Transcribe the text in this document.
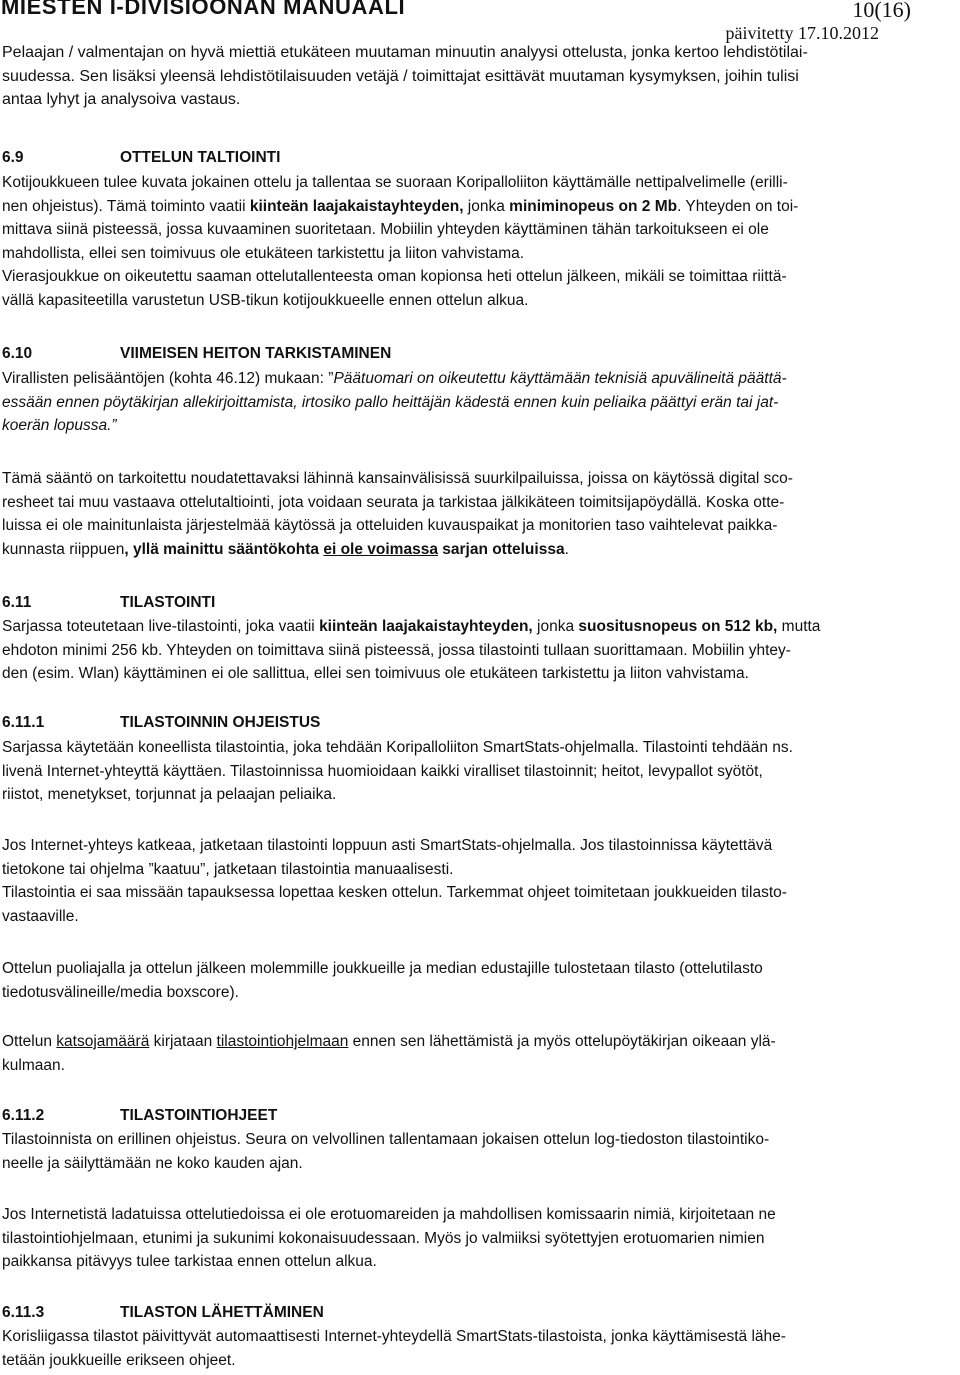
MIESTEN I-DIVISIOONAN MANUAALI	10(16)
päivitetty 17.10.2012
Pelaajan / valmentajan on hyvä miettiä etukäteen muutaman minuutin analyysi ottelusta, jonka kertoo lehdistötilai-
suudessa. Sen lisäksi yleensä lehdistötilaisuuden vetäjä / toimittajat esittävät muutaman kysymyksen, joihin tulisi
antaa lyhyt ja analysoiva vastaus.
6.9	OTTELUN TALTIOINTI
Kotijoukkueen tulee kuvata jokainen ottelu ja tallentaa se suoraan Koripalloliiton käyttämälle nettipalvelimelle (erilli-
nen ohjeistus). Tämä toiminto vaatii kiinteän laajakaistayhteyden, jonka miniminopeus on 2 Mb. Yhteyden on toi-
mittava siinä pisteessä, jossa kuvaaminen suoritetaan. Mobiilin yhteyden käyttäminen tähän tarkoitukseen ei ole
mahdollista, ellei sen toimivuus ole etukäteen tarkistettu ja liiton vahvistama.
Vierasjoukkue on oikeutettu saaman ottelutallenteesta oman kopionsa heti ottelun jälkeen, mikäli se toimittaa riittä-
vällä kapasiteetilla varustetun USB-tikun kotijoukkueelle ennen ottelun alkua.
6.10	VIIMEISEN HEITON TARKISTAMINEN
Virallisten pelisääntöjen (kohta 46.12) mukaan: ”Päätuomari on oikeutettu käyttämään teknisiä apuvälineitä päättä-
essään ennen pöytäkirjan allekirjoittamista, irtosiko pallo heittäjän kädestä ennen kuin peliaika päättyi erän tai jat-
koerän lopussa.”
Tämä sääntö on tarkoitettu noudatettavaksi lähinnä kansainvälisissä suurkilpailuissa, joissa on käytössä digital sco-
resheet tai muu vastaava ottelutaltiointi, jota voidaan seurata ja tarkistaa jälkikäteen toimitsijapöydällä. Koska otte-
luissa ei ole mainitunlaista järjestelmää käytössä ja otteluiden kuvauspaikat ja monitorien taso vaihtelevat paikka-
kunnasta riippuen, yllä mainittu sääntökohta ei ole voimassa sarjan otteluissa.
6.11	TILASTOINTI
Sarjassa toteutetaan live-tilastointi, joka vaatii kiinteän laajakaistayhteyden, jonka suositusnopeus on 512 kb, mutta
ehdoton minimi 256 kb. Yhteyden on toimittava siinä pisteessä, jossa tilastointi tullaan suorittamaan. Mobiilin yhtey-
den (esim. Wlan) käyttäminen ei ole sallittua, ellei sen toimivuus ole etukäteen tarkistettu ja liiton vahvistama.
6.11.1	TILASTOINNIN OHJEISTUS
Sarjassa käytetään koneellista tilastointia, joka tehdään Koripalloliiton SmartStats-ohjelmalla. Tilastointi tehdään ns.
livenä Internet-yhteyttä käyttäen. Tilastoinnissa huomioidaan kaikki viralliset tilastoinnit; heitot, levypallot syötöt,
riistot, menetykset, torjunnat ja pelaajan peliaika.
Jos Internet-yhteys katkeaa, jatketaan tilastointi loppuun asti SmartStats-ohjelmalla. Jos tilastoinnissa käytettävä
tietokone tai ohjelma ”kaatuu”, jatketaan tilastointia manuaalisesti.
Tilastointia ei saa missään tapauksessa lopettaa kesken ottelun. Tarkemmat ohjeet toimitetaan joukkueiden tilasto-
vastaaville.
Ottelun puoliajalla ja ottelun jälkeen molemmille joukkueille ja median edustajille tulostetaan tilasto (ottelutilasto
tiedotusvälineille/media boxscore).
Ottelun katsojamäärä kirjataan tilastointiohjelmaan ennen sen lähettämistä ja myös ottelupöytäkirjan oikeaan ylä-
kulmaan.
6.11.2	TILASTOINTIOHJEET
Tilastoinnista on erillinen ohjeistus. Seura on velvollinen tallentamaan jokaisen ottelun log-tiedoston tilastointiko-
neelle ja säilyttämään ne koko kauden ajan.
Jos Internetistä ladatuissa ottelutiedoissa ei ole erotuomareiden ja mahdollisen komissaarin nimiä, kirjoitetaan ne
tilastointiohjelmaan, etunimi ja sukunimi kokonaisuudessaan. Myös jo valmiiksi syötettyjen erotuomarien nimien
paikkansa pitävyys tulee tarkistaa ennen ottelun alkua.
6.11.3	TILASTON LÄHETTÄMINEN
Korisliigassa tilastot päivittyvät automaattisesti Internet-yhteydellä SmartStats-tilastoista, jonka käyttämisestä lähe-
tetään joukkueille erikseen ohjeet.
